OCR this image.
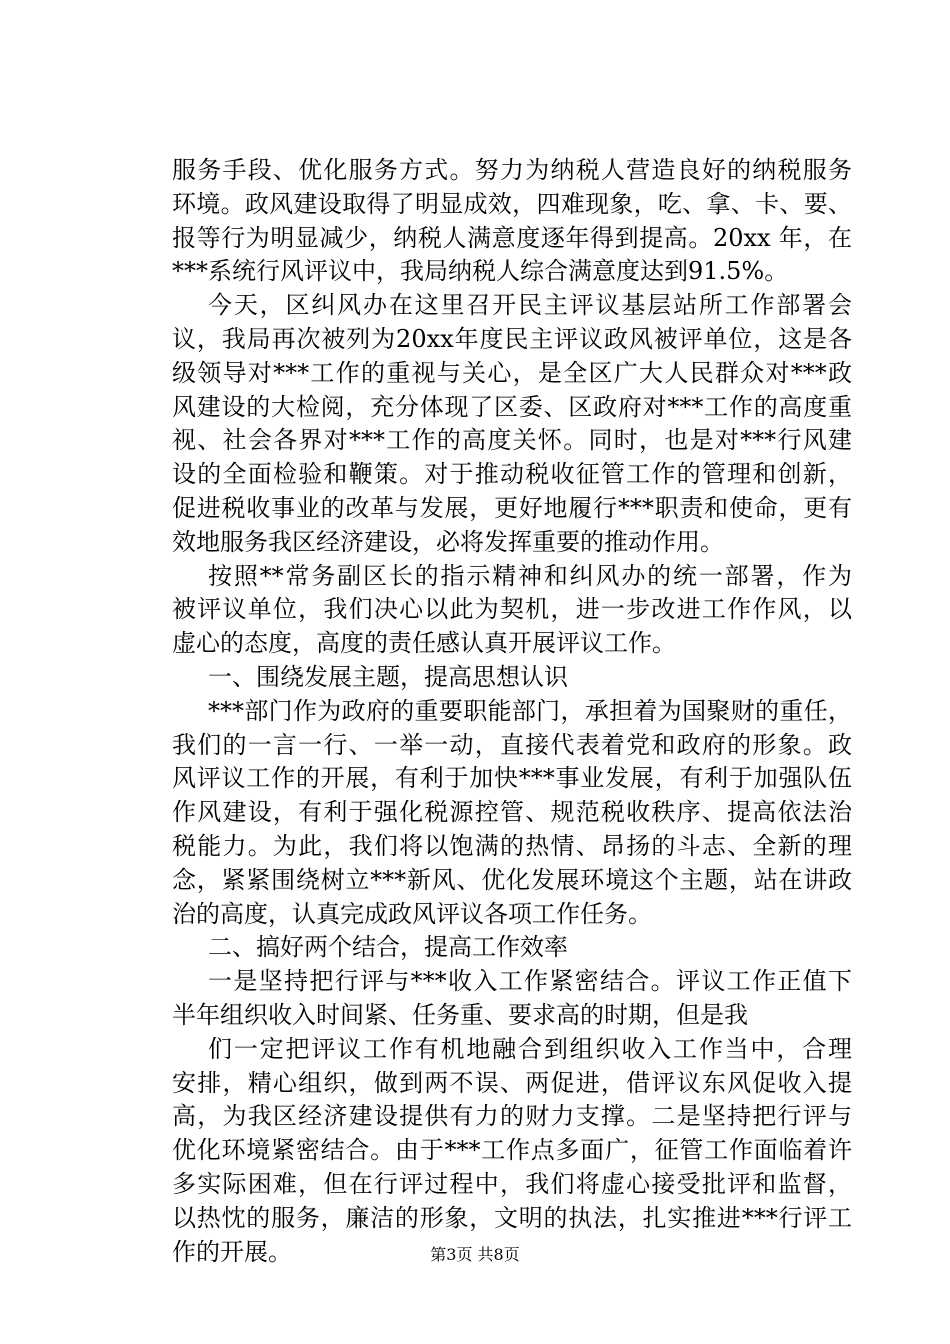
服务手段、优化服务方式。努力为纳税人营造良好的纳税服务
环境。政风建设取得了明显成效，四难现象，吃、拿、卡、要、
报等行为明显减少，纳税人满意度逐年得到提高。20xx 年，在
***系统行风评议中，我局纳税人综合满意度达到91.5%。
今天，区纠风办在这里召开民主评议基层站所工作部署会
议，我局再次被列为20xx年度民主评议政风被评单位，这是各
级领导对***工作的重视与关心，是全区广大人民群众对***政
风建设的大检阅，充分体现了区委、区政府对***工作的高度重
视、社会各界对***工作的高度关怀。同时，也是对***行风建
设的全面检验和鞭策。对于推动税收征管工作的管理和创新，
促进税收事业的改革与发展，更好地履行***职责和使命，更有
效地服务我区经济建设，必将发挥重要的推动作用。
按照**常务副区长的指示精神和纠风办的统一部署，作为
被评议单位，我们决心以此为契机，进一步改进工作作风，以
虚心的态度，高度的责任感认真开展评议工作。
一、围绕发展主题，提高思想认识
***部门作为政府的重要职能部门，承担着为国聚财的重任，
我们的一言一行、一举一动，直接代表着党和政府的形象。政
风评议工作的开展，有利于加快***事业发展，有利于加强队伍
作风建设，有利于强化税源控管、规范税收秩序、提高依法治
税能力。为此，我们将以饱满的热情、昂扬的斗志、全新的理
念，紧紧围绕树立***新风、优化发展环境这个主题，站在讲政
治的高度，认真完成政风评议各项工作任务。
二、搞好两个结合，提高工作效率
一是坚持把行评与***收入工作紧密结合。评议工作正值下
半年组织收入时间紧、任务重、要求高的时期，但是我
们一定把评议工作有机地融合到组织收入工作当中，合理
安排，精心组织，做到两不误、两促进，借评议东风促收入提
高，为我区经济建设提供有力的财力支撑。二是坚持把行评与
优化环境紧密结合。由于***工作点多面广，征管工作面临着许
多实际困难，但在行评过程中，我们将虚心接受批评和监督，
以热忱的服务，廉洁的形象，文明的执法，扎实推进***行评工
作的开展。	第3页 共8页
